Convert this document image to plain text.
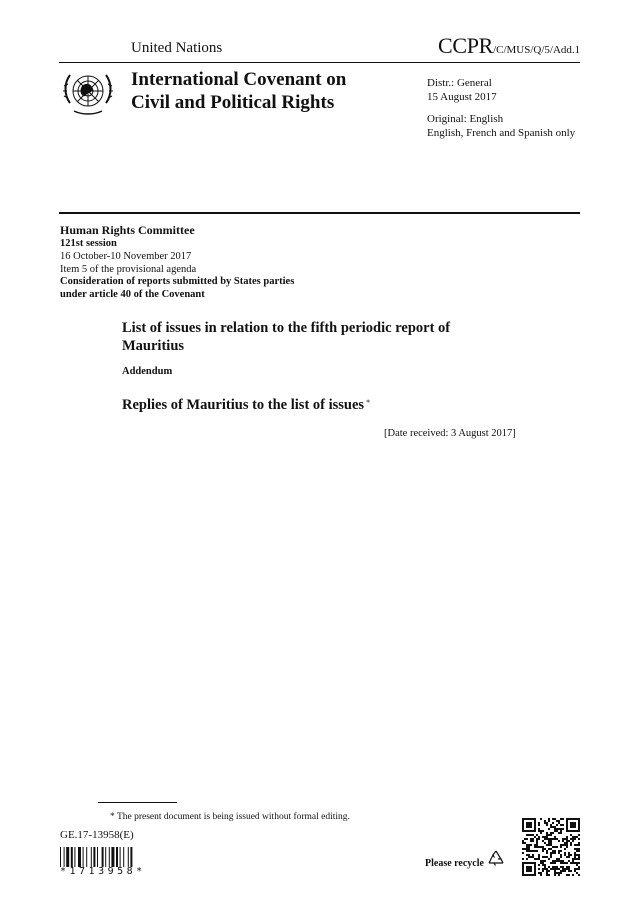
United Nations	CCPR/C/MUS/Q/5/Add.1
International Covenant on
Civil and Political Rights
Distr.: General
15 August 2017
Original: English
English, French and Spanish only
Human Rights Committee
121st session
16 October-10 November 2017
Item 5 of the provisional agenda
Consideration of reports submitted by States parties
under article 40 of the Covenant
List of issues in relation to the fifth periodic report of
Mauritius
Addendum
Replies of Mauritius to the list of issues *
[Date received: 3 August 2017]
* The present document is being issued without formal editing.
GE.17-13958(E)
*1713958*
Please recycle
